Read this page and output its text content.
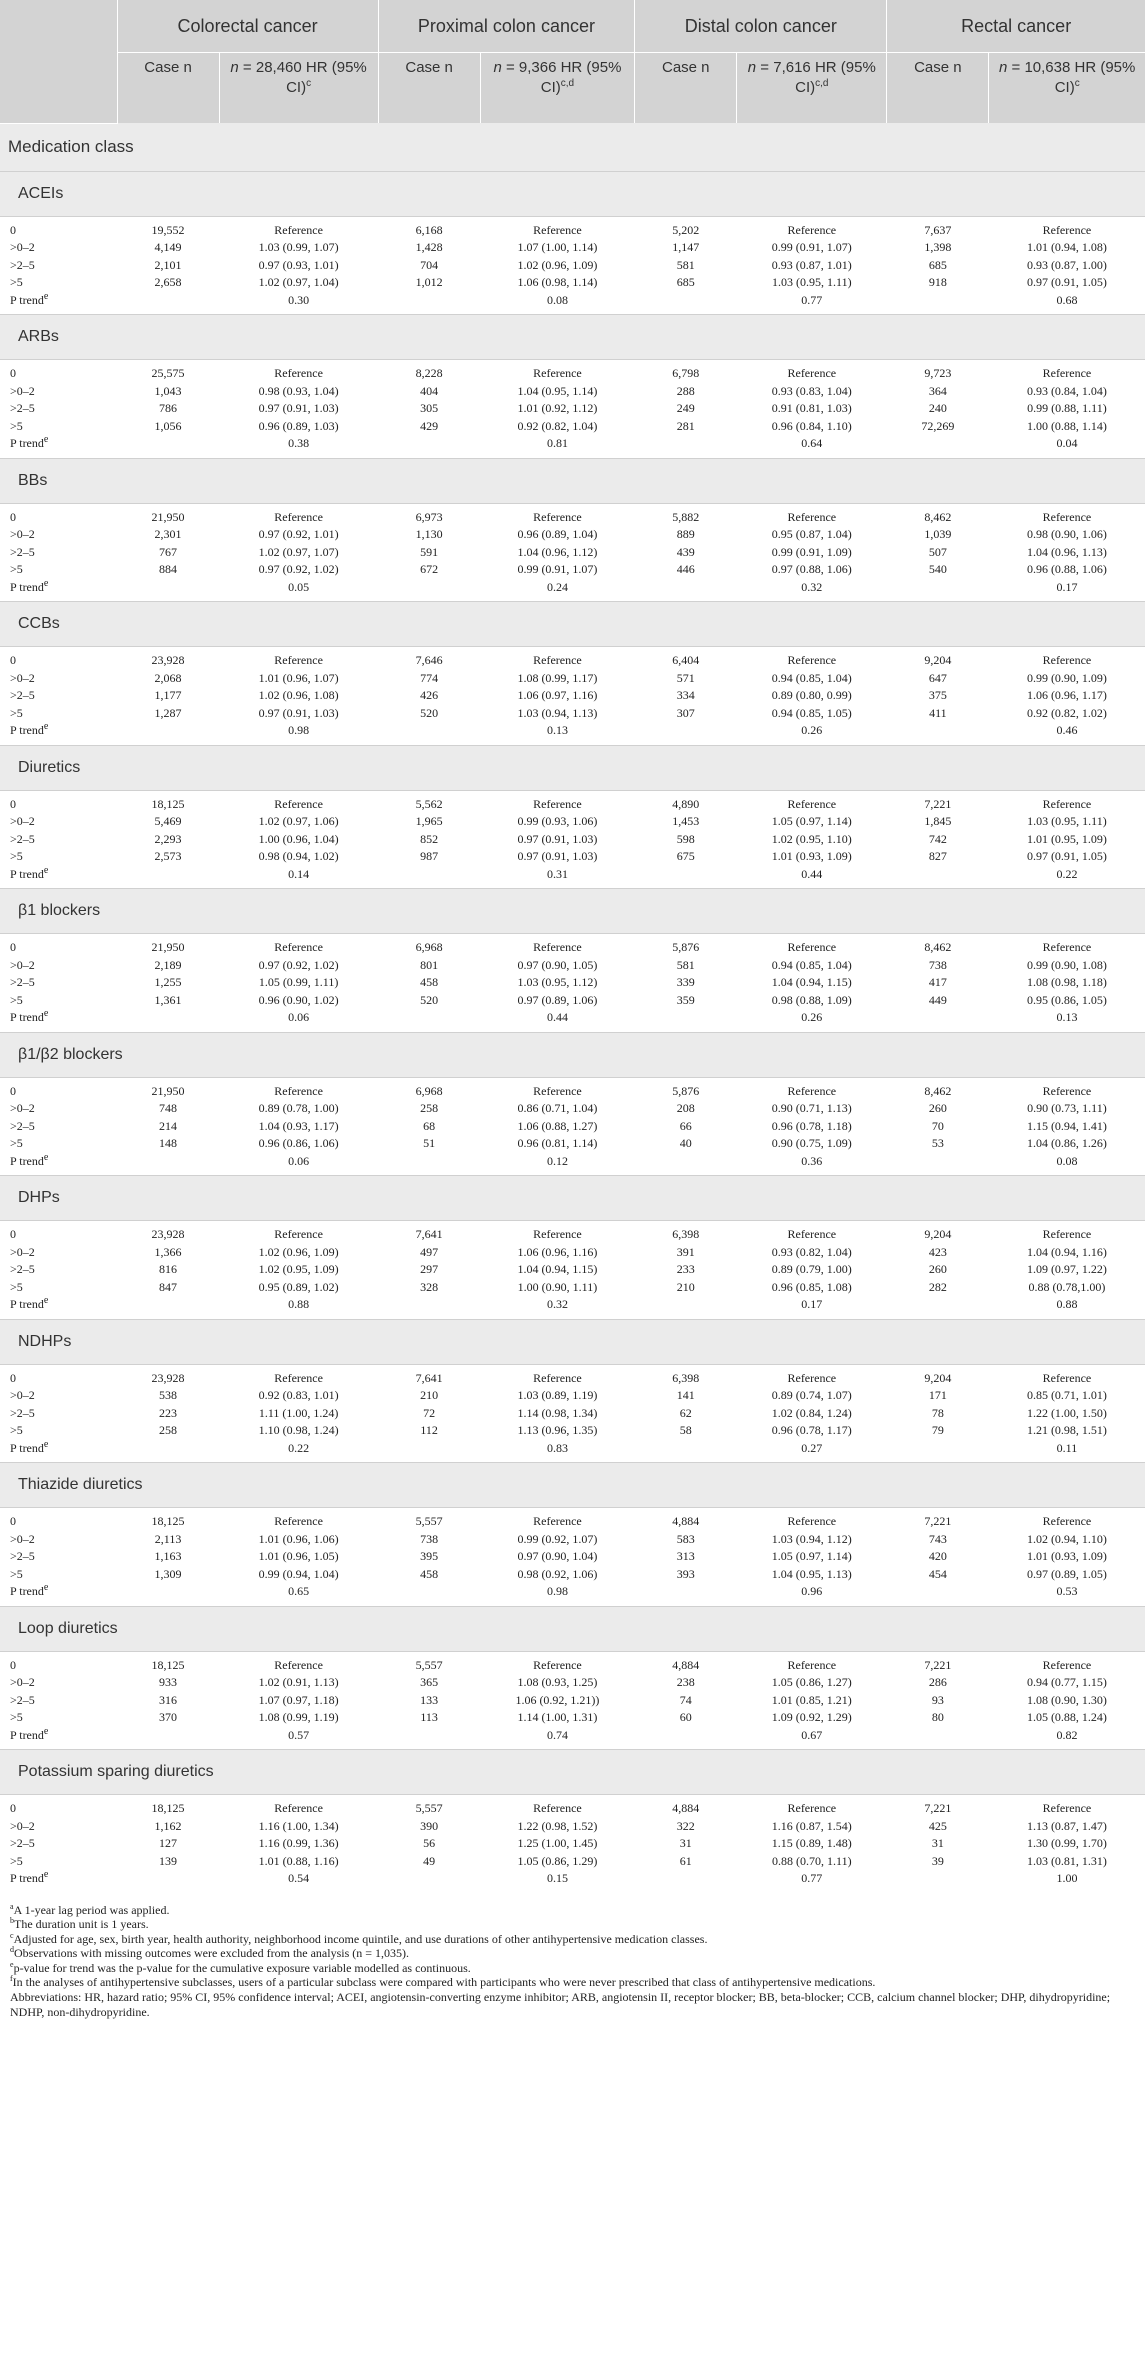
	Colorectal cancer		Proximal colon cancer		Distal colon cancer		Rectal cancer	
	Case n	n = 28,460 HR (95% CI)$^c$	Case n	n = 9,366 HR (95% CI)$^{c,d}$	Case n	n = 7,616 HR (95% CI)$^{c,d}$	Case n	n = 10,638 HR (95% CI)$^c$
Medication class								
ACEIs								

0	19,552	Reference	6,168	Reference	5,202	Reference	7,637	Reference
>0–2	4,149	1.03 (0.99, 1.07)	1,428	1.07 (1.00, 1.14)	1,147	0.99 (0.91, 1.07)	1,398	1.01 (0.94, 1.08)
>2–5	2,101	0.97 (0.93, 1.01)	704	1.02 (0.96, 1.09)	581	0.93 (0.87, 1.01)	685	0.93 (0.87, 1.00)
>5	2,658	1.02 (0.97, 1.04)	1,012	1.06 (0.98, 1.14)	685	1.03 (0.95, 1.11)	918	0.97 (0.91, 1.05)
P trend$^e$		0.30		0.08		0.77		0.68

ARBs								

0	25,575	Reference	8,228	Reference	6,798	Reference	9,723	Reference
>0–2	1,043	0.98 (0.93, 1.04)	404	1.04 (0.95, 1.14)	288	0.93 (0.83, 1.04)	364	0.93 (0.84, 1.04)
>2–5	786	0.97 (0.91, 1.03)	305	1.01 (0.92, 1.12)	249	0.91 (0.81, 1.03)	240	0.99 (0.88, 1.11)
>5	1,056	0.96 (0.89, 1.03)	429	0.92 (0.82, 1.04)	281	0.96 (0.84, 1.10)	72,269	1.00 (0.88, 1.14)
P trend$^e$		0.38		0.81		0.64		0.04

BBs								

0	21,950	Reference	6,973	Reference	5,882	Reference	8,462	Reference
>0–2	2,301	0.97 (0.92, 1.01)	1,130	0.96 (0.89, 1.04)	889	0.95 (0.87, 1.04)	1,039	0.98 (0.90, 1.06)
>2–5	767	1.02 (0.97, 1.07)	591	1.04 (0.96, 1.12)	439	0.99 (0.91, 1.09)	507	1.04 (0.96, 1.13)
>5	884	0.97 (0.92, 1.02)	672	0.99 (0.91, 1.07)	446	0.97 (0.88, 1.06)	540	0.96 (0.88, 1.06)
P trend$^e$		0.05		0.24		0.32		0.17

CCBs								

0	23,928	Reference	7,646	Reference	6,404	Reference	9,204	Reference
>0–2	2,068	1.01 (0.96, 1.07)	774	1.08 (0.99, 1.17)	571	0.94 (0.85, 1.04)	647	0.99 (0.90, 1.09)
>2–5	1,177	1.02 (0.96, 1.08)	426	1.06 (0.97, 1.16)	334	0.89 (0.80, 0.99)	375	1.06 (0.96, 1.17)
>5	1,287	0.97 (0.91, 1.03)	520	1.03 (0.94, 1.13)	307	0.94 (0.85, 1.05)	411	0.92 (0.82, 1.02)
P trend$^e$		0.98		0.13		0.26		0.46

Diuretics								

0	18,125	Reference	5,562	Reference	4,890	Reference	7,221	Reference
>0–2	5,469	1.02 (0.97, 1.06)	1,965	0.99 (0.93, 1.06)	1,453	1.05 (0.97, 1.14)	1,845	1.03 (0.95, 1.11)
>2–5	2,293	1.00 (0.96, 1.04)	852	0.97 (0.91, 1.03)	598	1.02 (0.95, 1.10)	742	1.01 (0.95, 1.09)
>5	2,573	0.98 (0.94, 1.02)	987	0.97 (0.91, 1.03)	675	1.01 (0.93, 1.09)	827	0.97 (0.91, 1.05)
P trend$^e$		0.14		0.31		0.44		0.22

β1 blockers								

0	21,950	Reference	6,968	Reference	5,876	Reference	8,462	Reference
>0–2	2,189	0.97 (0.92, 1.02)	801	0.97 (0.90, 1.05)	581	0.94 (0.85, 1.04)	738	0.99 (0.90, 1.08)
>2–5	1,255	1.05 (0.99, 1.11)	458	1.03 (0.95, 1.12)	339	1.04 (0.94, 1.15)	417	1.08 (0.98, 1.18)
>5	1,361	0.96 (0.90, 1.02)	520	0.97 (0.89, 1.06)	359	0.98 (0.88, 1.09)	449	0.95 (0.86, 1.05)
P trend$^e$		0.06		0.44		0.26		0.13

β1/β2 blockers								

0	21,950	Reference	6,968	Reference	5,876	Reference	8,462	Reference
>0–2	748	0.89 (0.78, 1.00)	258	0.86 (0.71, 1.04)	208	0.90 (0.71, 1.13)	260	0.90 (0.73, 1.11)
>2–5	214	1.04 (0.93, 1.17)	68	1.06 (0.88, 1.27)	66	0.96 (0.78, 1.18)	70	1.15 (0.94, 1.41)
>5	148	0.96 (0.86, 1.06)	51	0.96 (0.81, 1.14)	40	0.90 (0.75, 1.09)	53	1.04 (0.86, 1.26)
P trend$^e$		0.06		0.12		0.36		0.08

DHPs								

0	23,928	Reference	7,641	Reference	6,398	Reference	9,204	Reference
>0–2	1,366	1.02 (0.96, 1.09)	497	1.06 (0.96, 1.16)	391	0.93 (0.82, 1.04)	423	1.04 (0.94, 1.16)
>2–5	816	1.02 (0.95, 1.09)	297	1.04 (0.94, 1.15)	233	0.89 (0.79, 1.00)	260	1.09 (0.97, 1.22)
>5	847	0.95 (0.89, 1.02)	328	1.00 (0.90, 1.11)	210	0.96 (0.85, 1.08)	282	0.88 (0.78,1.00)
P trend$^e$		0.88		0.32		0.17		0.88

NDHPs								

0	23,928	Reference	7,641	Reference	6,398	Reference	9,204	Reference
>0–2	538	0.92 (0.83, 1.01)	210	1.03 (0.89, 1.19)	141	0.89 (0.74, 1.07)	171	0.85 (0.71, 1.01)
>2–5	223	1.11 (1.00, 1.24)	72	1.14 (0.98, 1.34)	62	1.02 (0.84, 1.24)	78	1.22 (1.00, 1.50)
>5	258	1.10 (0.98, 1.24)	112	1.13 (0.96, 1.35)	58	0.96 (0.78, 1.17)	79	1.21 (0.98, 1.51)
P trend$^e$		0.22		0.83		0.27		0.11

Thiazide diuretics								

0	18,125	Reference	5,557	Reference	4,884	Reference	7,221	Reference
>0–2	2,113	1.01 (0.96, 1.06)	738	0.99 (0.92, 1.07)	583	1.03 (0.94, 1.12)	743	1.02 (0.94, 1.10)
>2–5	1,163	1.01 (0.96, 1.05)	395	0.97 (0.90, 1.04)	313	1.05 (0.97, 1.14)	420	1.01 (0.93, 1.09)
>5	1,309	0.99 (0.94, 1.04)	458	0.98 (0.92, 1.06)	393	1.04 (0.95, 1.13)	454	0.97 (0.89, 1.05)
P trend$^e$		0.65		0.98		0.96		0.53

Loop diuretics								

0	18,125	Reference	5,557	Reference	4,884	Reference	7,221	Reference
>0–2	933	1.02 (0.91, 1.13)	365	1.08 (0.93, 1.25)	238	1.05 (0.86, 1.27)	286	0.94 (0.77, 1.15)
>2–5	316	1.07 (0.97, 1.18)	133	1.06 (0.92, 1.21))	74	1.01 (0.85, 1.21)	93	1.08 (0.90, 1.30)
>5	370	1.08 (0.99, 1.19)	113	1.14 (1.00, 1.31)	60	1.09 (0.92, 1.29)	80	1.05 (0.88, 1.24)
P trend$^e$		0.57		0.74		0.67		0.82

Potassium sparing diuretics								

0	18,125	Reference	5,557	Reference	4,884	Reference	7,221	Reference
>0–2	1,162	1.16 (1.00, 1.34)	390	1.22 (0.98, 1.52)	322	1.16 (0.87, 1.54)	425	1.13 (0.87, 1.47)
>2–5	127	1.16 (0.99, 1.36)	56	1.25 (1.00, 1.45)	31	1.15 (0.89, 1.48)	31	1.30 (0.99, 1.70)
>5	139	1.01 (0.88, 1.16)	49	1.05 (0.86, 1.29)	61	0.88 (0.70, 1.11)	39	1.03 (0.81, 1.31)
P trend$^e$		0.54		0.15		0.77		1.00

$^a$A 1-year lag period was applied.

$^b$The duration unit is 1 years.

$^c$Adjusted for age, sex, birth year, health authority, neighborhood income quintile, and use durations of other antihypertensive medication classes.

$^d$Observations with missing outcomes were excluded from the analysis (n = 1,035).

$^e$p-value for trend was the p-value for the cumulative exposure variable modelled as continuous.

$^f$In the analyses of antihypertensive subclasses, users of a particular subclass were compared with participants who were never prescribed that class of antihypertensive medications.

Abbreviations: HR, hazard ratio; 95% CI, 95% confidence interval; ACEI, angiotensin-converting enzyme inhibitor; ARB, angiotensin II, receptor blocker; BB, beta-blocker; CCB, calcium channel blocker; DHP, dihydropyridine; NDHP, non-dihydropyridine.
